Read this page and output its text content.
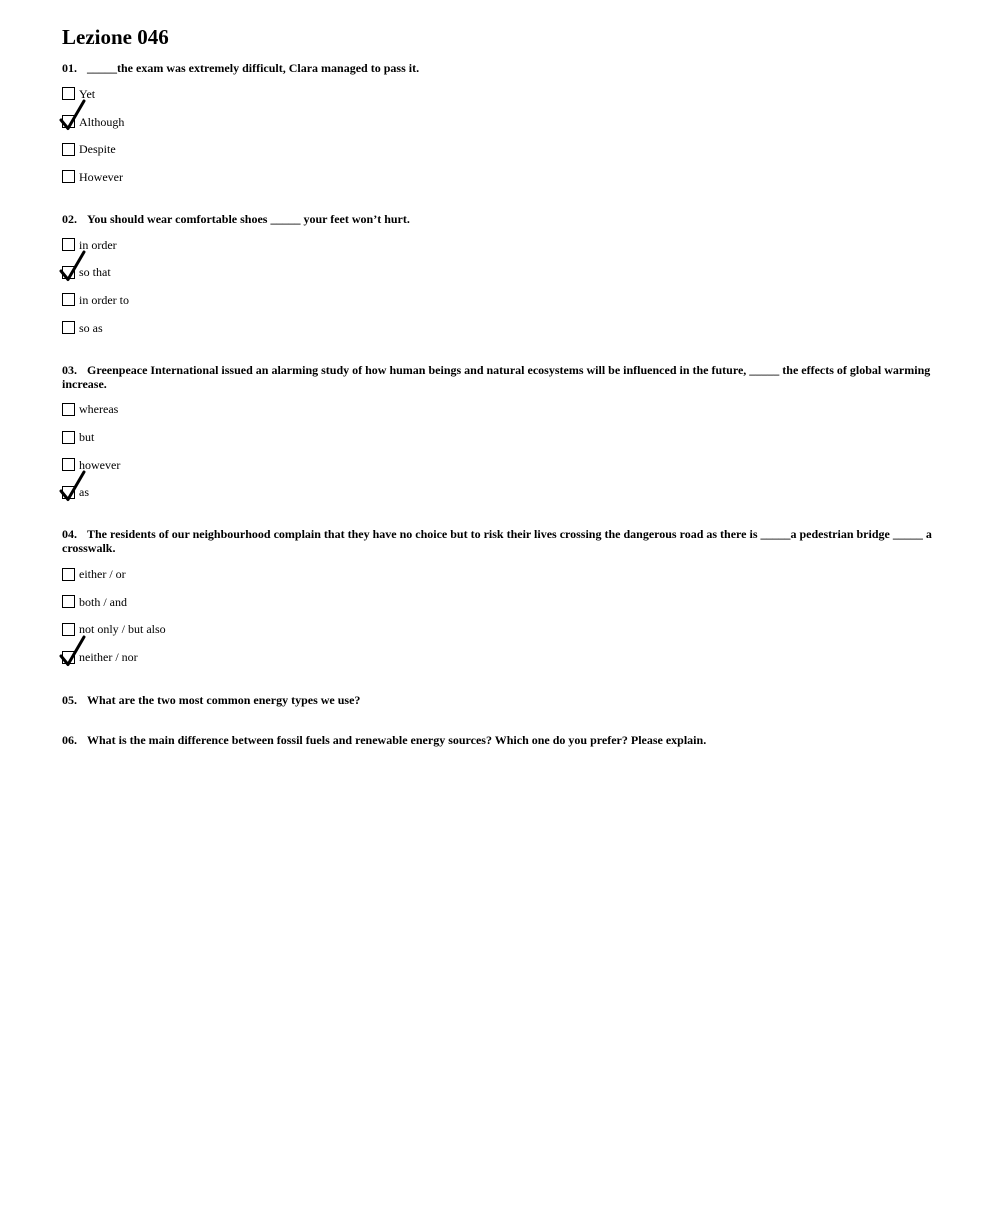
Lezione 046

01. _____the exam was extremely difficult, Clara managed to pass it.

Yet
Although
Despite
However

02. You should wear comfortable shoes _____ your feet won’t hurt.

in order
so that
in order to
so as

03. Greenpeace International issued an alarming study of how human beings and natural ecosystems will be influenced in the future, _____ the effects of global warming increase.

whereas
but
however
as

04. The residents of our neighbourhood complain that they have no choice but to risk their lives crossing the dangerous road as there is _____a pedestrian bridge _____ a crosswalk.

either / or
both / and
not only / but also
neither / nor

05. What are the two most common energy types we use?

06. What is the main difference between fossil fuels and renewable energy sources? Which one do you prefer? Please explain.
